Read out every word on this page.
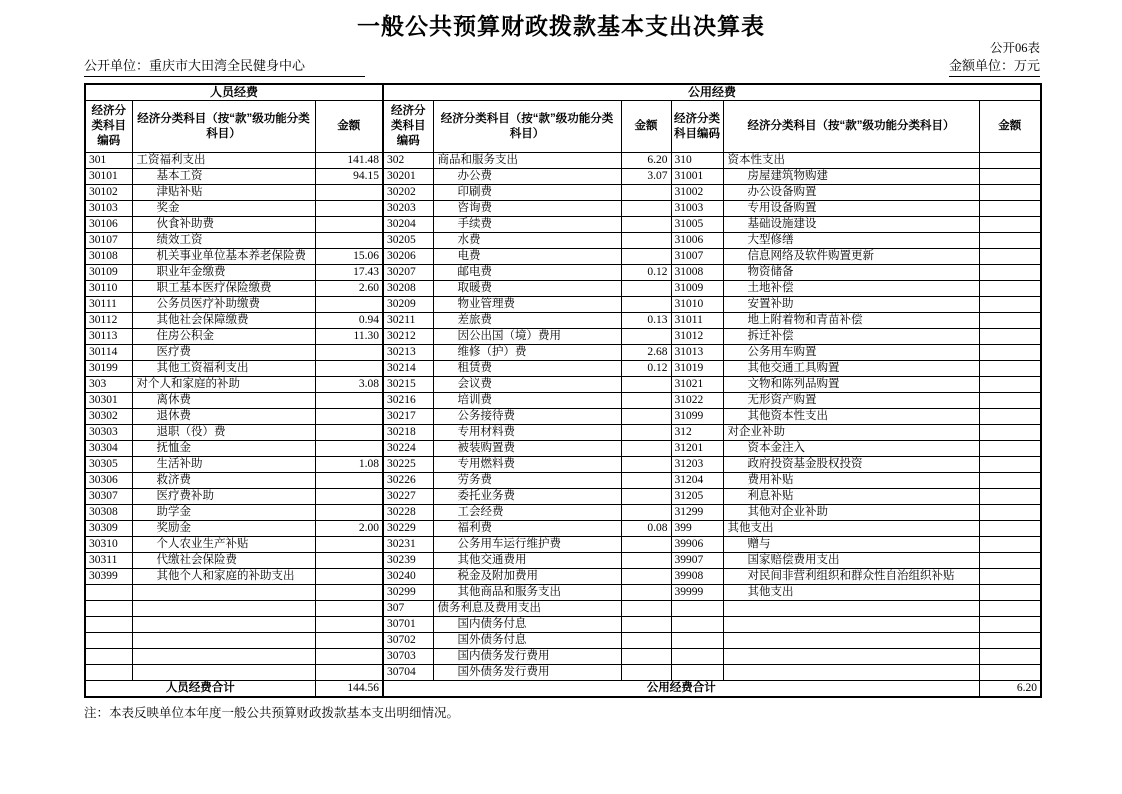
一般公共预算财政拨款基本支出决算表
公开06表
公开单位：重庆市大田湾全民健身中心	金额单位：万元
人员经费			公用经费					
经济分类科目编码	经济分类科目（按“款”级功能分类科目）	金额	经济分类科目编码	经济分类科目（按“款”级功能分类科目）	金额	经济分类科目编码	经济分类科目（按“款”级功能分类科目）	金额
301	工资福利支出	141.48	302	商品和服务支出	6.20	310	资本性支出	
30101	基本工资	94.15	30201	办公费	3.07	31001	房屋建筑物购建	
30102	津贴补贴		30202	印刷费		31002	办公设备购置	
30103	奖金		30203	咨询费		31003	专用设备购置	
30106	伙食补助费		30204	手续费		31005	基础设施建设	
30107	绩效工资		30205	水费		31006	大型修缮	
30108	机关事业单位基本养老保险费	15.06	30206	电费		31007	信息网络及软件购置更新	
30109	职业年金缴费	17.43	30207	邮电费	0.12	31008	物资储备	
30110	职工基本医疗保险缴费	2.60	30208	取暖费		31009	土地补偿	
30111	公务员医疗补助缴费		30209	物业管理费		31010	安置补助	
30112	其他社会保障缴费	0.94	30211	差旅费	0.13	31011	地上附着物和青苗补偿	
30113	住房公积金	11.30	30212	因公出国（境）费用		31012	拆迁补偿	
30114	医疗费		30213	维修（护）费	2.68	31013	公务用车购置	
30199	其他工资福利支出		30214	租赁费	0.12	31019	其他交通工具购置	
303	对个人和家庭的补助	3.08	30215	会议费		31021	文物和陈列品购置	
30301	离休费		30216	培训费		31022	无形资产购置	
30302	退休费		30217	公务接待费		31099	其他资本性支出	
30303	退职（役）费		30218	专用材料费		312	对企业补助	
30304	抚恤金		30224	被装购置费		31201	资本金注入	
30305	生活补助	1.08	30225	专用燃料费		31203	政府投资基金股权投资	
30306	救济费		30226	劳务费		31204	费用补贴	
30307	医疗费补助		30227	委托业务费		31205	利息补贴	
30308	助学金		30228	工会经费		31299	其他对企业补助	
30309	奖励金	2.00	30229	福利费	0.08	399	其他支出	
30310	个人农业生产补贴		30231	公务用车运行维护费		39906	赠与	
30311	代缴社会保险费		30239	其他交通费用		39907	国家赔偿费用支出	
30399	其他个人和家庭的补助支出		30240	税金及附加费用		39908	对民间非营利组织和群众性自治组织补贴	
			30299	其他商品和服务支出		39999	其他支出	
			307	债务利息及费用支出				
			30701	国内债务付息				
			30702	国外债务付息				
			30703	国内债务发行费用				
			30704	国外债务发行费用				
人员经费合计		144.56	公用经费合计					6.20
注：本表反映单位本年度一般公共预算财政拨款基本支出明细情况。
